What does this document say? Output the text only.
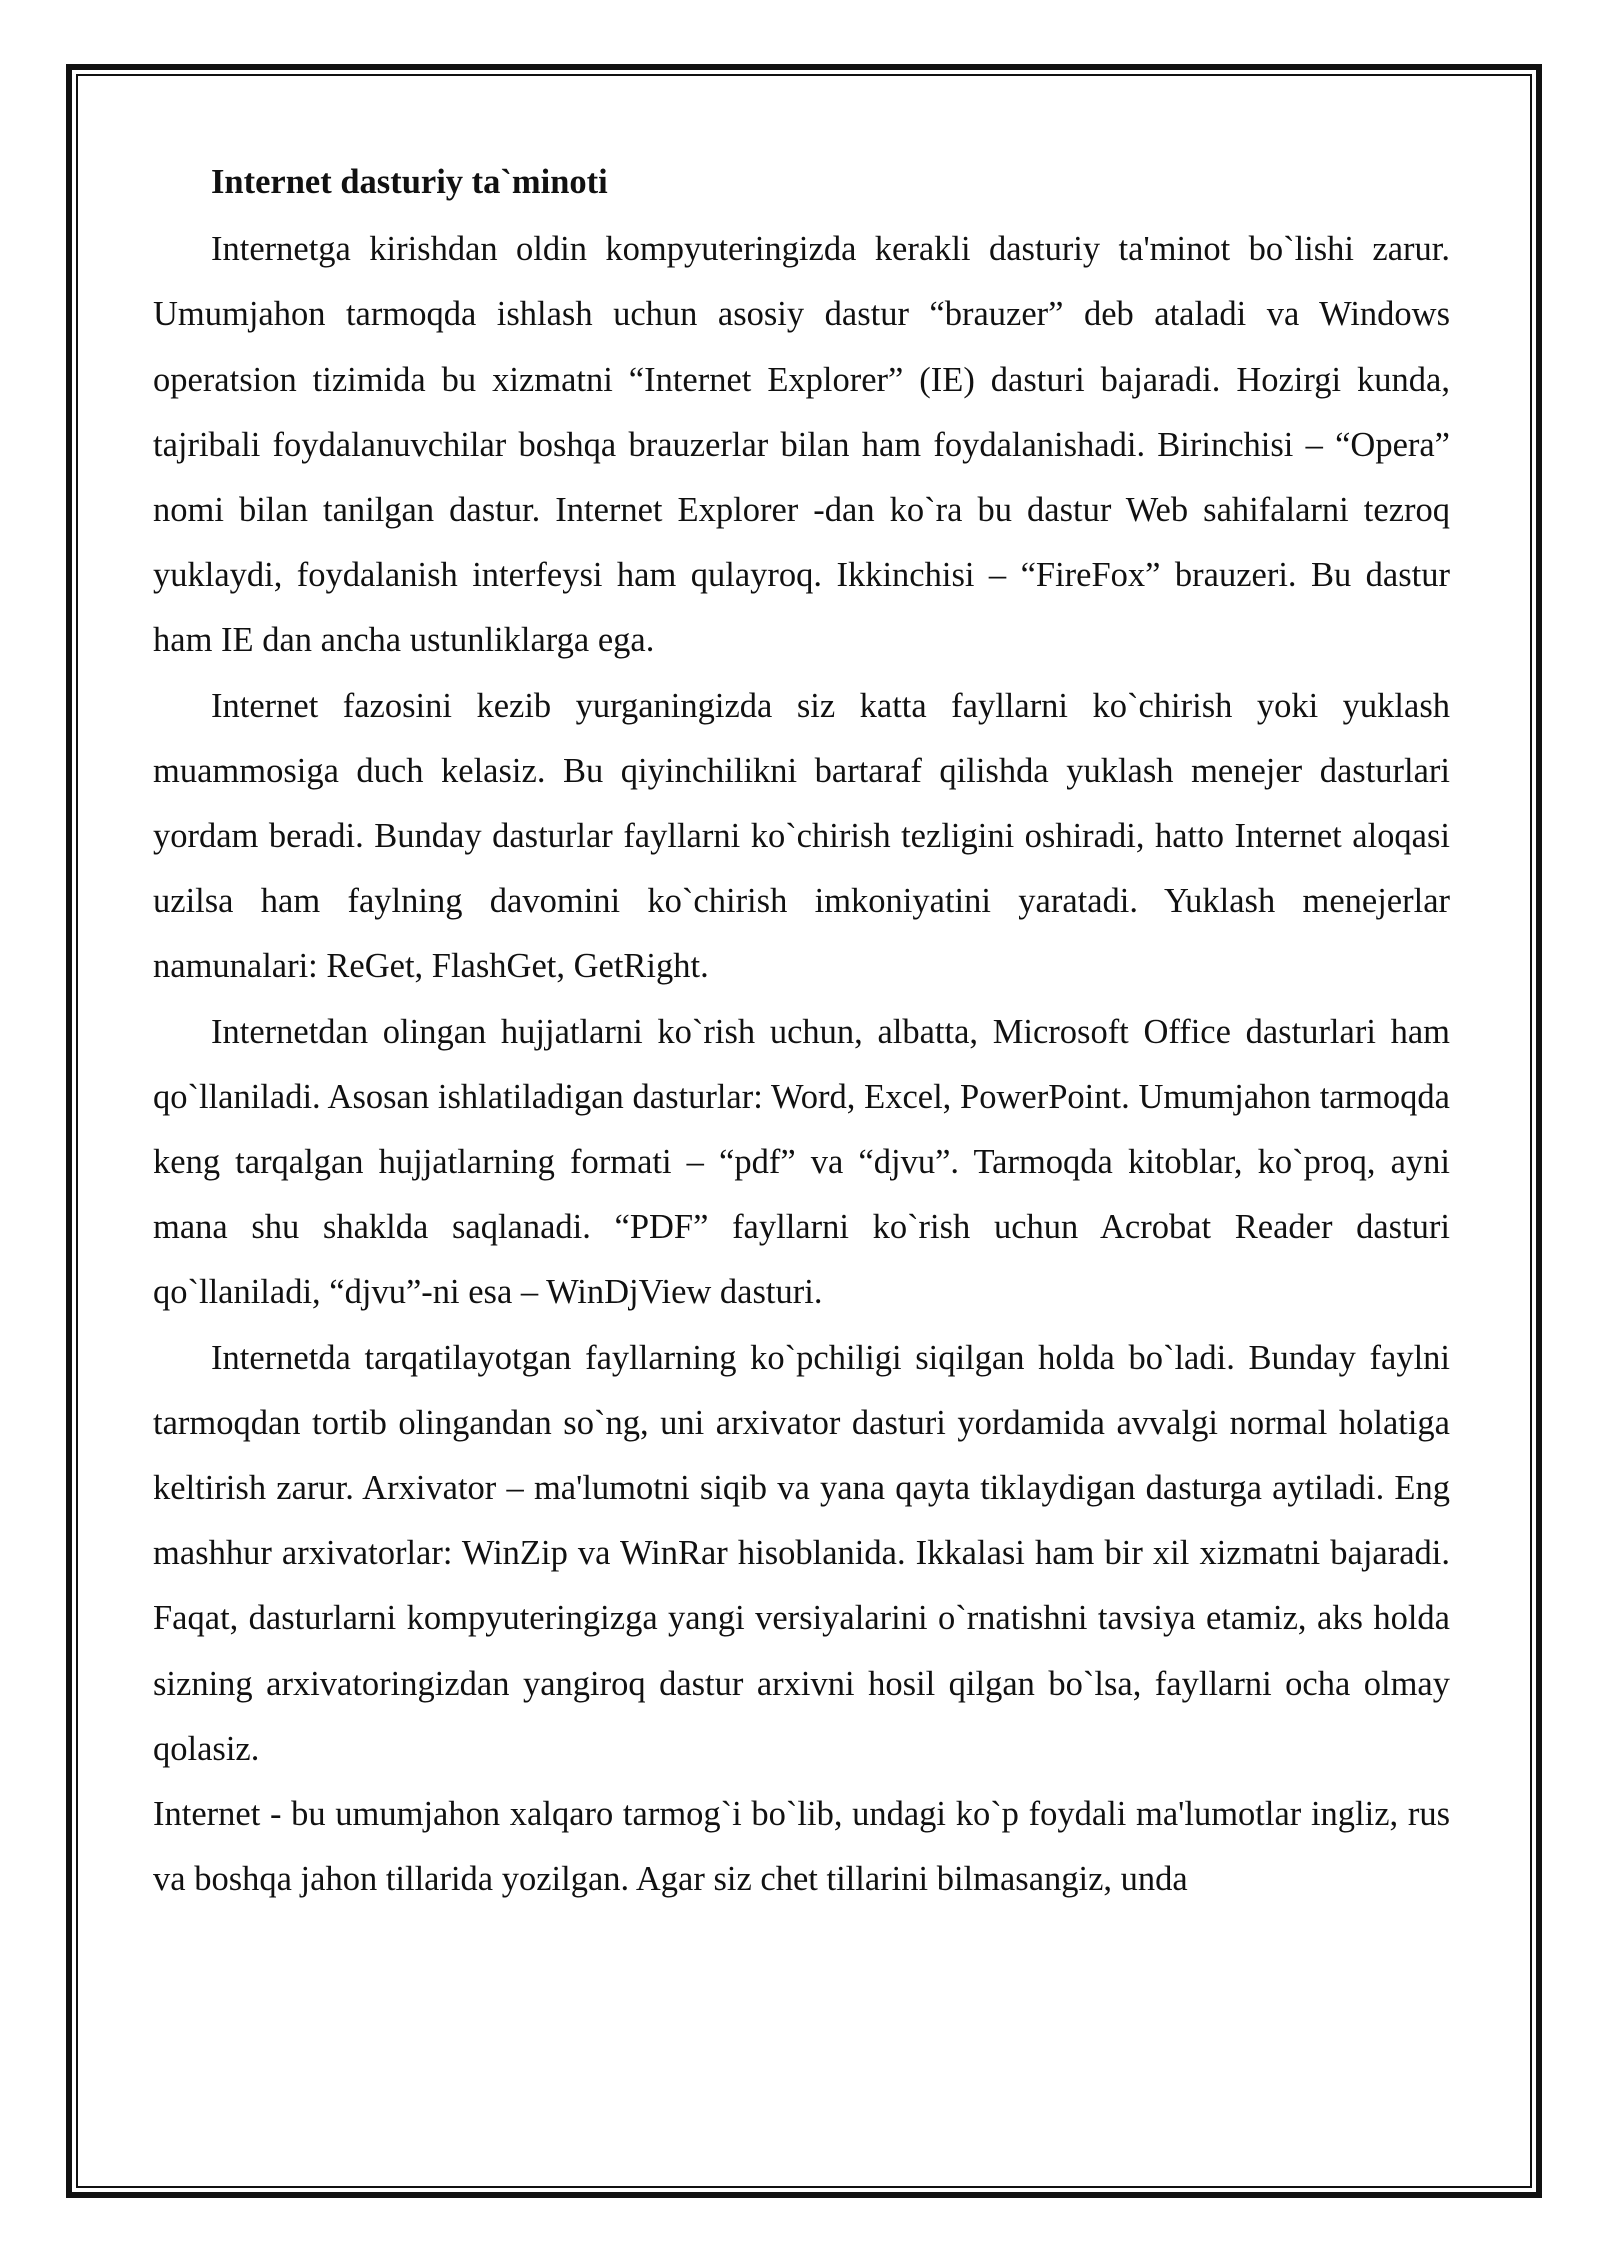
Internet dasturiy ta`minoti

Internetga kirishdan oldin kompyuteringizda kerakli dasturiy ta'minot bo`lishi zarur. Umumjahon tarmoqda ishlash uchun asosiy dastur “brauzer” deb ataladi va Windows operatsion tizimida bu xizmatni “Internet Explorer” (IE) dasturi bajaradi. Hozirgi kunda, tajribali foydalanuvchilar boshqa brauzerlar bilan ham foydalanishadi. Birinchisi – “Opera” nomi bilan tanilgan dastur. Internet Explorer -dan ko`ra bu dastur Web sahifalarni tezroq yuklaydi, foydalanish interfeysi ham qulayroq. Ikkinchisi – “FireFox” brauzeri. Bu dastur ham IE dan ancha ustunliklarga ega.

Internet fazosini kezib yurganingizda siz katta fayllarni ko`chirish yoki yuklash muammosiga duch kelasiz. Bu qiyinchilikni bartaraf qilishda yuklash menejer dasturlari yordam beradi. Bunday dasturlar fayllarni ko`chirish tezligini oshiradi, hatto Internet aloqasi uzilsa ham faylning davomini ko`chirish imkoniyatini yaratadi. Yuklash menejerlar namunalari: ReGet, FlashGet, GetRight.

Internetdan olingan hujjatlarni ko`rish uchun, albatta, Microsoft Office dasturlari ham qo`llaniladi. Asosan ishlatiladigan dasturlar: Word, Excel, PowerPoint. Umumjahon tarmoqda keng tarqalgan hujjatlarning formati – “pdf” va “djvu”. Tarmoqda kitoblar, ko`proq, ayni mana shu shaklda saqlanadi. “PDF” fayllarni ko`rish uchun Acrobat Reader dasturi qo`llaniladi, “djvu”-ni esa – WinDjView dasturi.

Internetda tarqatilayotgan fayllarning ko`pchiligi siqilgan holda bo`ladi. Bunday faylni tarmoqdan tortib olingandan so`ng, uni arxivator dasturi yordamida avvalgi normal holatiga keltirish zarur. Arxivator – ma'lumotni siqib va yana qayta tiklaydigan dasturga aytiladi. Eng mashhur arxivatorlar: WinZip va WinRar hisoblanida. Ikkalasi ham bir xil xizmatni bajaradi. Faqat, dasturlarni kompyuteringizga yangi versiyalarini o`rnatishni tavsiya etamiz, aks holda sizning arxivatoringizdan yangiroq dastur arxivni hosil qilgan bo`lsa, fayllarni ocha olmay qolasiz.

Internet - bu umumjahon xalqaro tarmog`i bo`lib, undagi ko`p foydali ma'lumotlar ingliz, rus va boshqa jahon tillarida yozilgan. Agar siz chet tillarini bilmasangiz, unda
